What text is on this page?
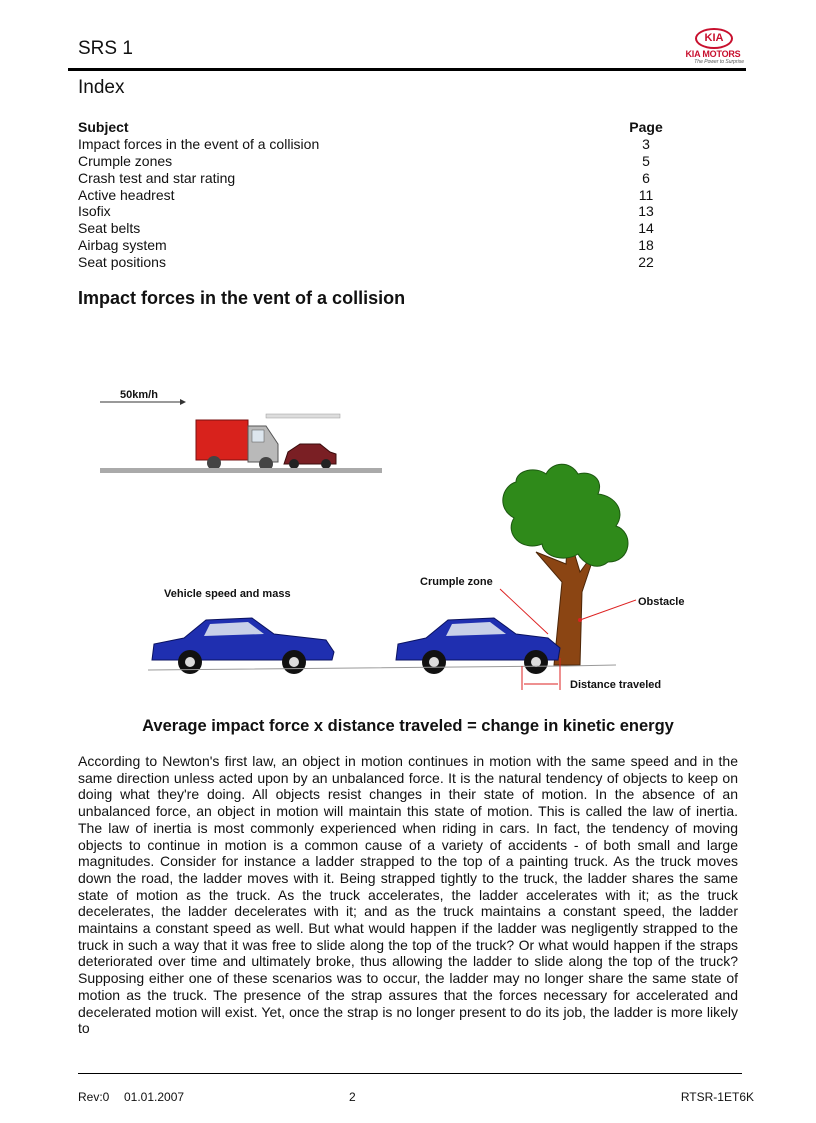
SRS 1	KIA
KIA MOTORS
The Power to Surprise
Index
Subject	Page
Impact forces in the event of a collision	3
Crumple zones	5
Crash test and star rating	6
Active headrest	11
Isofix	13
Seat belts	14
Airbag system	18
Seat positions	22
Impact forces in the vent of a collision
50km/h
Vehicle speed and mass
Crumple zone
Obstacle
Distance traveled
Average impact force x distance traveled = change in kinetic energy
According to Newton's first law, an object in motion continues in motion with the same speed and in the same direction unless acted upon by an unbalanced force. It is the natural tendency of objects to keep on doing what they're doing. All objects resist changes in their state of motion. In the absence of an unbalanced force, an object in motion will maintain this state of motion. This is called the law of inertia. The law of inertia is most commonly experienced when riding in cars. In fact, the tendency of moving objects to continue in motion is a common cause of a variety of accidents - of both small and large magnitudes. Consider for instance a ladder strapped to the top of a painting truck. As the truck moves down the road, the ladder moves with it. Being strapped tightly to the truck, the ladder shares the same state of motion as the truck. As the truck accelerates, the ladder accelerates with it; as the truck decelerates, the ladder decelerates with it; and as the truck maintains a constant speed, the ladder maintains a constant speed as well. But what would happen if the ladder was negligently strapped to the truck in such a way that it was free to slide along the top of the truck? Or what would happen if the straps deteriorated over time and ultimately broke, thus allowing the ladder to slide along the top of the truck? Supposing either one of these scenarios was to occur, the ladder may no longer share the same state of motion as the truck. The presence of the strap assures that the forces necessary for accelerated and decelerated motion will exist. Yet, once the strap is no longer present to do its job, the ladder is more likely to
Rev:0 01.01.2007	2	RTSR-1ET6K
